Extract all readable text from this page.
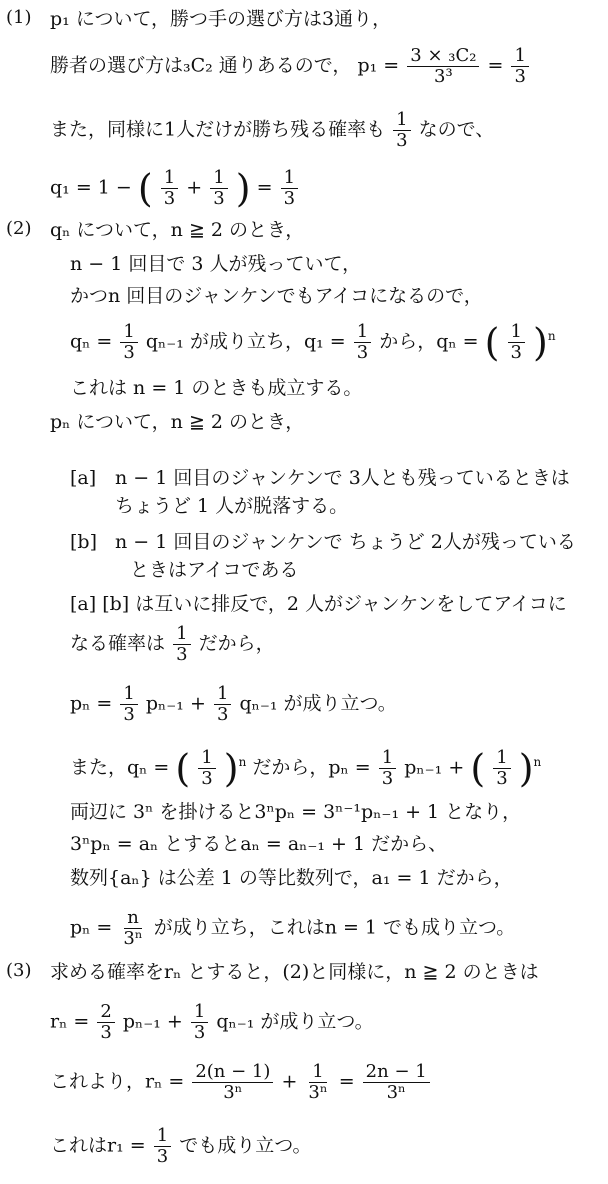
(1) p₁ について，勝つ手の選び方は3通り，
勝者の選び方は₃C₂ 通りあるので， $p_1 = \frac{\text{3 × ₃C₂}}{\text{3³}} = \frac{1}{3}$
また，同様に1人だけが勝ち残る確率も $\frac{1}{3}$ なので、
q₁ = 1 − ( $\frac{1}{3} + \frac{1}{3}$ ) = $\frac{1}{3}$
(2) qₙ について，n ≧ 2 のとき，
n − 1 回目で 3 人が残っていて，
かつn 回目のジャンケンでもアイコになるので，
$q_n = \frac{1}{3} q_{n-1}$ が成り立ち，$q_1 = \frac{1}{3}$ から，qₙ = ( $\frac{1}{3} )^n$
これは n = 1 のときも成立する。
pₙ について，n ≧ 2 のとき，
[a] n − 1 回目のジャンケンで 3人とも残っているときは
ちょうど 1 人が脱落する。
[b] n − 1 回目のジャンケンで ちょうど 2人が残っている
ときはアイコである
[a] [b] は互いに排反で，2 人がジャンケンをしてアイコに
なる確率は $\frac{1}{3}$ だから，
$p_n = \frac{1}{3} p_{n-1} + \frac{1}{3} q_{n-1}$ が成り立つ。
また，qₙ = ( $\frac{1}{3} )^n$ だから，$p_n = \frac{1}{3} p_{n-1}$ + ( $\frac{1}{3} )^n$
両辺に 3ⁿ を掛けると3ⁿpₙ = 3ⁿ⁻¹pₙ₋₁ + 1 となり，
3ⁿpₙ = aₙ とするとaₙ = aₙ₋₁ + 1 だから、
数列{aₙ} は公差 1 の等比数列で，a₁ = 1 だから，
$p_n = \frac{n}{\text{3ⁿ}}$ が成り立ち，これはn = 1 でも成り立つ。
(3) 求める確率をrₙ とすると，(2)と同様に，n ≧ 2 のときは
$r_n = \frac{2}{3} p_{n-1} + \frac{1}{3} q_{n-1}$ が成り立つ。
これより，$r_n = \frac{2(n - 1)}{\text{3ⁿ}} + \frac{1}{\text{3ⁿ}} = \frac{2n - 1}{\text{3ⁿ}}$
これは$r_1 = \frac{1}{3}$ でも成り立つ。
